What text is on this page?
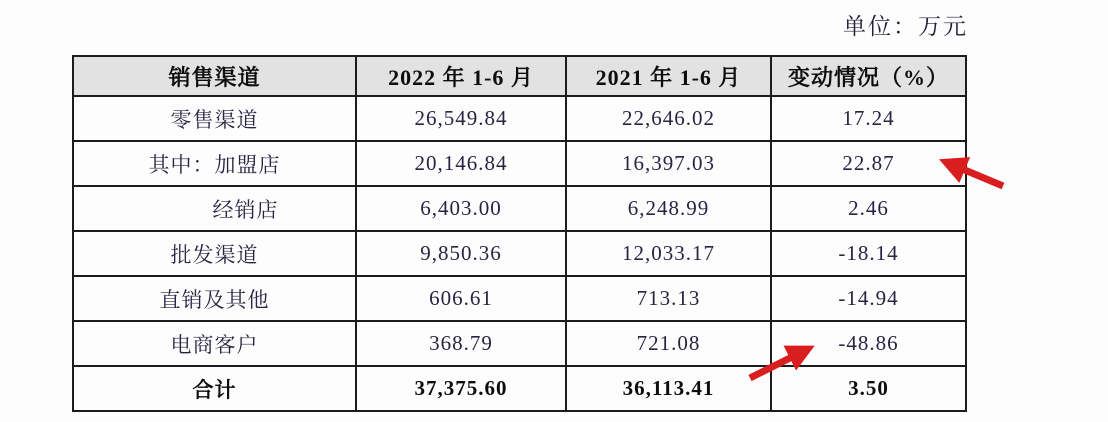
单位：万元
销售渠道	2022 年 1-6 月	2021 年 1-6 月	变动情况（%）
零售渠道	26,549.84	22,646.02	17.24
其中：加盟店	20,146.84	16,397.03	22.87
经销店	6,403.00	6,248.99	2.46
批发渠道	9,850.36	12,033.17	-18.14
直销及其他	606.61	713.13	-14.94
电商客户	368.79	721.08	-48.86
合计	37,375.60	36,113.41	3.50
